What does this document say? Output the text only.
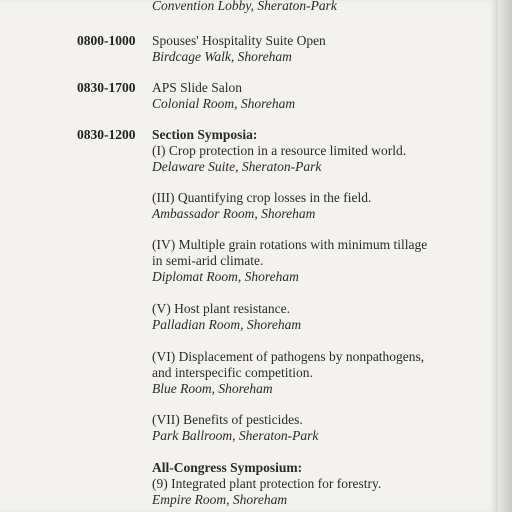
Convention Lobby, Sheraton-Park
0800-1000 Spouses' Hospitality Suite Open
Birdcage Walk, Shoreham
0830-1700 APS Slide Salon
Colonial Room, Shoreham
0830-1200 Section Symposia:
(I) Crop protection in a resource limited world.
Delaware Suite, Sheraton-Park
(III) Quantifying crop losses in the field.
Ambassador Room, Shoreham
(IV) Multiple grain rotations with minimum tillage
in semi-arid climate.
Diplomat Room, Shoreham
(V) Host plant resistance.
Palladian Room, Shoreham
(VI) Displacement of pathogens by nonpathogens,
and interspecific competition.
Blue Room, Shoreham
(VII) Benefits of pesticides.
Park Ballroom, Sheraton-Park
All-Congress Symposium:
(9) Integrated plant protection for forestry.
Empire Room, Shoreham
